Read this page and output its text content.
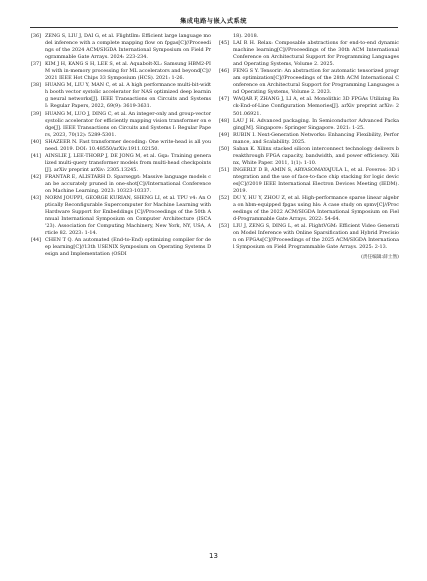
集成电路与嵌入式系统
[36] ZENG S, LIU J, DAI G, et al. Flightllm: Efficient large language model inference with a complete mapping flow on fpgas[C]//Proceedings of the 2024 ACM/SIGDA International Symposium on Field Programmable Gate Arrays. 2024: 223-234.
[37] KIM J H, KANG S H, LEE S, et al. Aquabolt-XL: Samsung HBM2-PIM with in-memory processing for ML accelerators and beyond[C]//2021 IEEE Hot Chips 33 Symposium (HCS). 2021: 1-26.
[38] HUANG M, LIU Y, MAN C, et al. A high performance multi-bit-width booth vector systolic accelerator for NAS optimized deep learning neural networks[J]. IEEE Transactions on Circuits and Systems I: Regular Papers, 2022, 69(9): 3619-3631.
[39] HUANG M, LUO J, DING C, et al. An integer-only and group-vector systolic accelerator for efficiently mapping vision transformer on edge[J]. IEEE Transactions on Circuits and Systems I: Regular Papers, 2023, 70(12): 5289-5301.
[40] SHAZEER N. Fast transformer decoding: One write-head is all you need. 2019. DOI: 10.48550/arXiv.1911.02150.
[41] AINSLIE J, LEE-THORP J, DE JONG M, et al. Gqa: Training generalized multi-query transformer models from multi-head checkpoints[J]. arXiv preprint arXiv: 2305.13245.
[42] FRANTAR E, ALISTARH D. Sparsegpt: Massive language models can be accurately pruned in one-shot[C]//International Conference on Machine Learning. 2023: 10323-10337.
[43] NORM JOUPPI, GEORGE KURIAN, SHENG LI, et al. TPU v4: An Optically Reconfigurable Supercomputer for Machine Learning with Hardware Support for Embeddings [C]//Proceedings of the 50th Annual International Symposium on Computer Architecture (ISCA '23). Association for Computing Machinery, New York, NY, USA, Article 82. 2023: 1-14.
[44] CHEN T Q. An automated (End-to-End) optimizing compiler for deep learning[C]//13th USENIX Symposium on Operating Systems Design and Implementation (OSDI
18). 2018.
[45] LAI R H. Relax: Composable abstractions for end-to-end dynamic machine learning[C]//Proceedings of the 30th ACM International Conference on Architectural Support for Programming Languages and Operating Systems, Volume 2. 2025.
[46] FENG S Y. Tensorir: An abstraction for automatic tensorized program optimization[C]//Proceedings of the 28th ACM International Conference on Architectural Support for Programming Languages and Operating Systems, Volume 2. 2023.
[47] WAQAR F, ZHANG J, LI A, et al. Monolithic 3D FPGAs Utilizing Back-End-of-Line Configuration Memories[J]. arXiv preprint arXiv: 2501.06921.
[48] LAU J H. Advanced packaging. In Semiconductor Advanced Packaging[M]. Singapore: Springer Singapore. 2021: 1-25.
[49] RUBIN I. Next-Generation Networks: Enhancing Flexibility, Performance, and Scalability. 2025.
[50] Saban K. Xilinx stacked silicon interconnect technology delivers breakthrough FPGA capacity, bandwidth, and power efficiency. Xilinx, White Paper. 2011, 1(1): 1-10.
[51] INGERLY D B, AMIN S, ARYASOMAYAJULA L, et al. Foveros: 3D integration and the use of face-to-face chip stacking for logic devices[C]//2019 IEEE International Electron Devices Meeting (IEDM). 2019.
[52] DU Y, HU Y, ZHOU Z, et al. High-performance sparse linear algebra on hbm-equipped fpgas using hls: A case study on spmv[C]//Proceedings of the 2022 ACM/SIGDA International Symposium on Field-Programmable Gate Arrays. 2022: 54-64.
[53] LIU J, ZENG S, DING L, et al. FlightVGM: Efficient Video Generation Model Inference with Online Sparsification and Hybrid Precision on FPGAs[C]//Proceedings of the 2025 ACM/SIGDA International Symposium on Field Programmable Gate Arrays. 2025: 2-13.
(责任编辑:薛士然)
13
